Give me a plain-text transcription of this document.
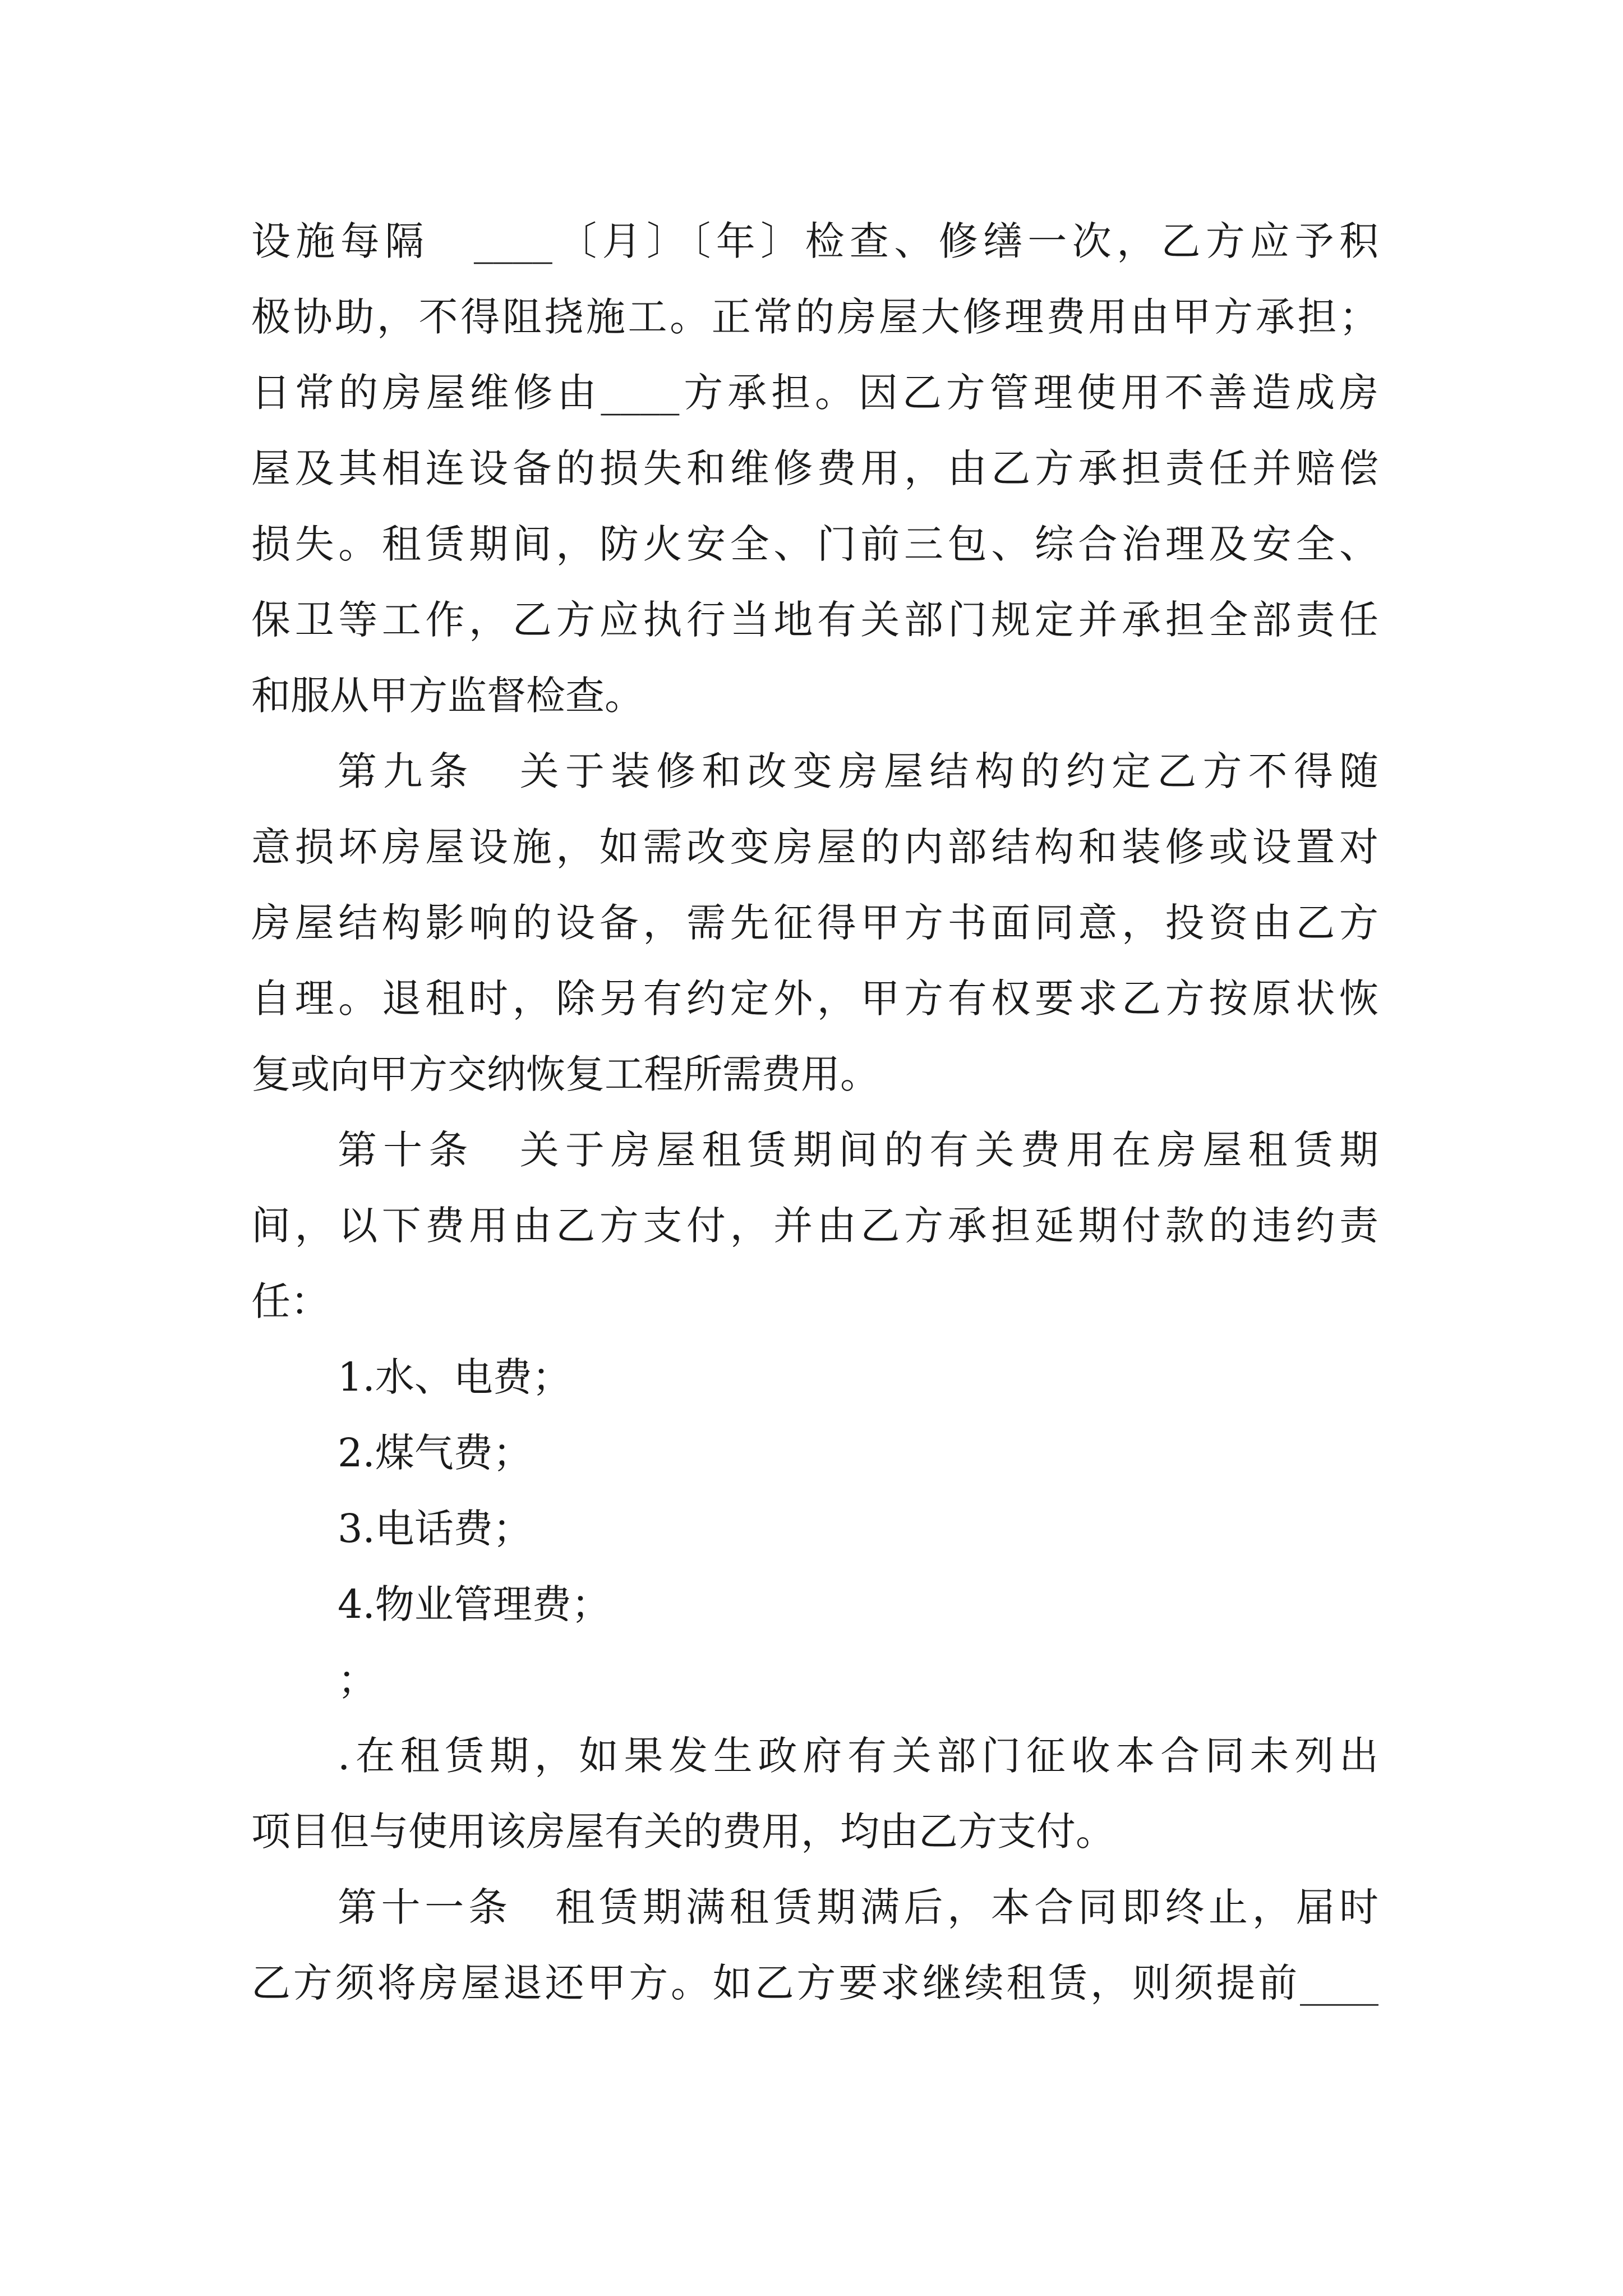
设施每隔　____〔月〕〔年〕检查、修缮一次，乙方应予积
极协助，不得阻挠施工。正常的房屋大修理费用由甲方承担；
日常的房屋维修由____方承担。因乙方管理使用不善造成房
屋及其相连设备的损失和维修费用，由乙方承担责任并赔偿
损失。租赁期间，防火安全、门前三包、综合治理及安全、
保卫等工作，乙方应执行当地有关部门规定并承担全部责任
和服从甲方监督检查。
第九条　关于装修和改变房屋结构的约定乙方不得随
意损坏房屋设施，如需改变房屋的内部结构和装修或设置对
房屋结构影响的设备，需先征得甲方书面同意，投资由乙方
自理。退租时，除另有约定外，甲方有权要求乙方按原状恢
复或向甲方交纳恢复工程所需费用。
第十条　关于房屋租赁期间的有关费用在房屋租赁期
间，以下费用由乙方支付，并由乙方承担延期付款的违约责
任：
1.水、电费；
2.煤气费；
3.电话费；
4.物业管理费；
；
.在租赁期，如果发生政府有关部门征收本合同未列出
项目但与使用该房屋有关的费用，均由乙方支付。
第十一条　租赁期满租赁期满后，本合同即终止，届时
乙方须将房屋退还甲方。如乙方要求继续租赁，则须提前____
